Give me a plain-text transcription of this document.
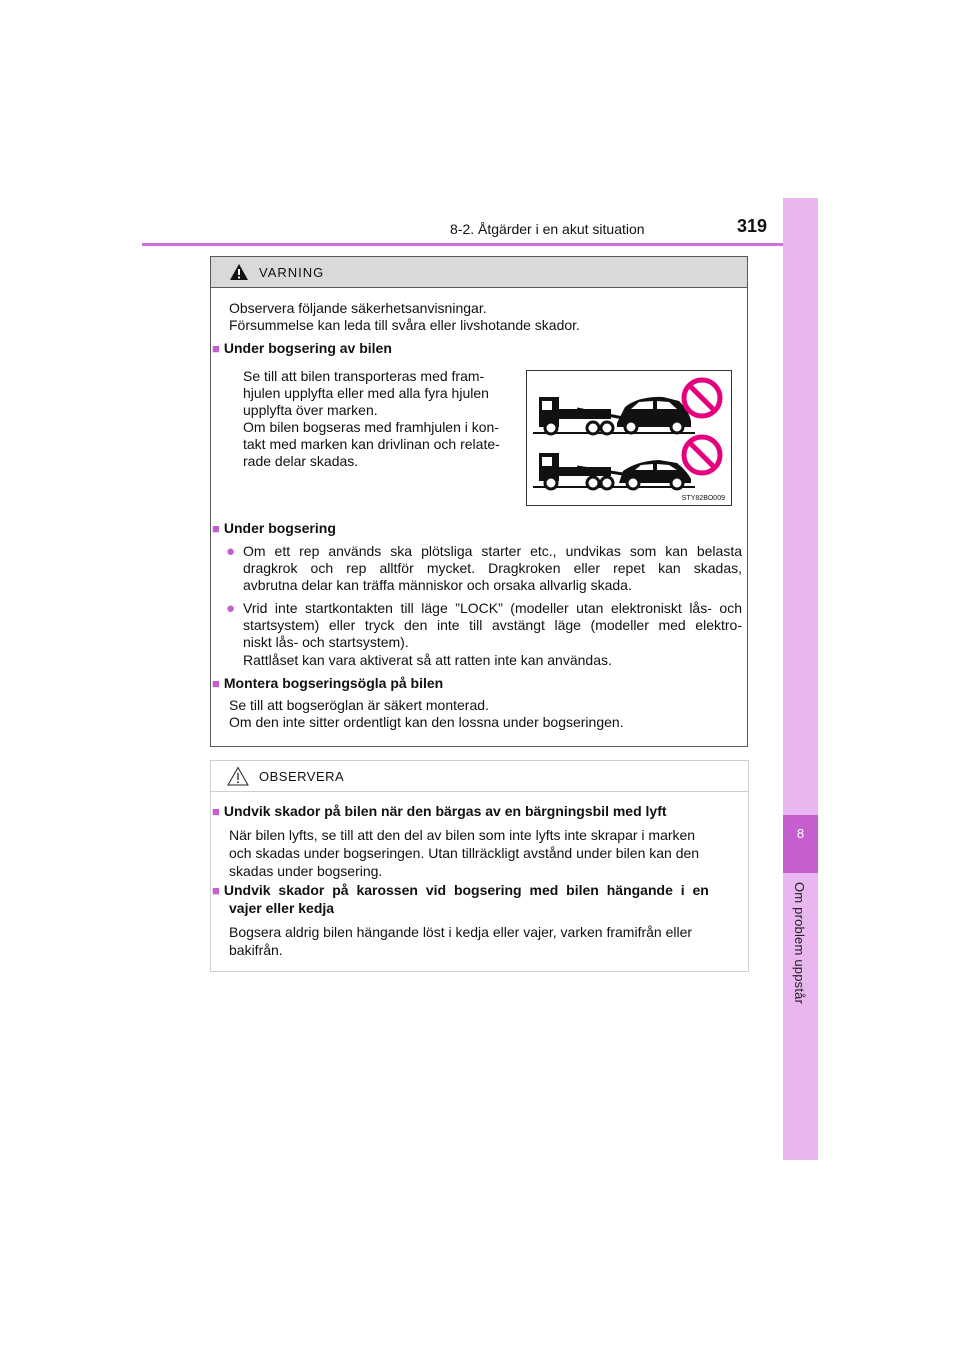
8-2. Åtgärder i en akut situation	319
8
Om problem uppstår
VARNING
Observera följande säkerhetsanvisningar.
Försummelse kan leda till svåra eller livshotande skador.
■ Under bogsering av bilen
Se till att bilen transporteras med fram-
hjulen upplyfta eller med alla fyra hjulen
upplyfta över marken.
Om bilen bogseras med framhjulen i kon-
takt med marken kan drivlinan och relate-
rade delar skadas.
STY82BO009
■ Under bogsering
● Om ett rep används ska plötsliga starter etc., undvikas som kan belasta
dragkrok och rep alltför mycket. Dragkroken eller repet kan skadas,
avbrutna delar kan träffa människor och orsaka allvarlig skada.
● Vrid inte startkontakten till läge ”LOCK” (modeller utan elektroniskt lås- och
startsystem) eller tryck den inte till avstängt läge (modeller med elektro-
niskt lås- och startsystem).
Rattlåset kan vara aktiverat så att ratten inte kan användas.
■ Montera bogseringsögla på bilen
Se till att bogseröglan är säkert monterad.
Om den inte sitter ordentligt kan den lossna under bogseringen.
OBSERVERA
■ Undvik skador på bilen när den bärgas av en bärgningsbil med lyft
När bilen lyfts, se till att den del av bilen som inte lyfts inte skrapar i marken
och skadas under bogseringen. Utan tillräckligt avstånd under bilen kan den
skadas under bogsering.
■ Undvik skador på karossen vid bogsering med bilen hängande i en
vajer eller kedja
Bogsera aldrig bilen hängande löst i kedja eller vajer, varken framifrån eller
bakifrån.
